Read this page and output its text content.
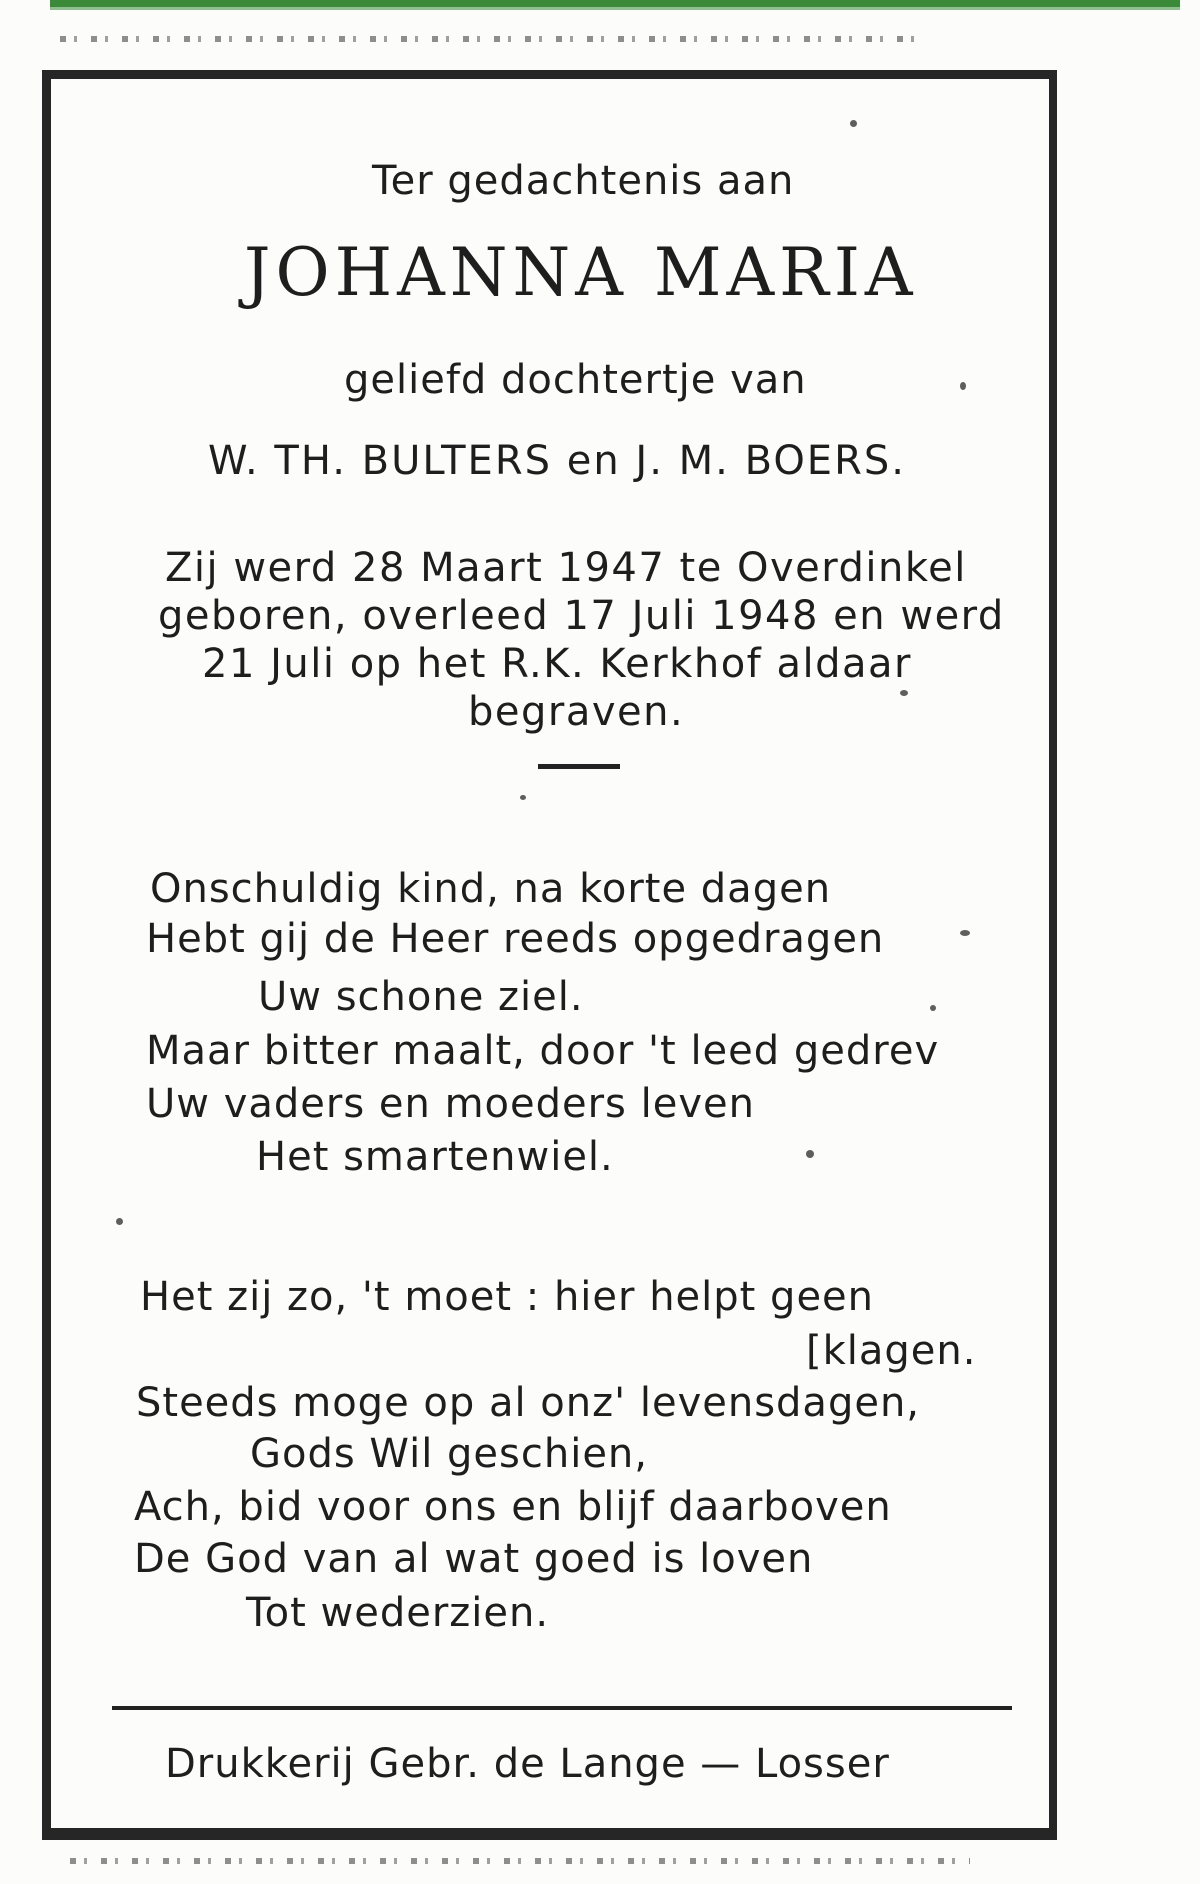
Ter gedachtenis aan
JOHANNA MARIA
geliefd dochtertje van
W. TH. BULTERS en J. M. BOERS.
Zij werd 28 Maart 1947 te Overdinkel
geboren, overleed 17 Juli 1948 en werd
21 Juli op het R.K. Kerkhof aldaar
begraven.
Onschuldig kind, na korte dagen
Hebt gij de Heer reeds opgedragen
Uw schone ziel.
Maar bitter maalt, door 't leed gedrev
Uw vaders en moeders leven
Het smartenwiel.
Het zij zo, 't moet : hier helpt geen
[klagen.
Steeds moge op al onz' levensdagen,
Gods Wil geschien,
Ach, bid voor ons en blijf daarboven
De God van al wat goed is loven
Tot wederzien.
Drukkerij Gebr. de Lange — Losser
